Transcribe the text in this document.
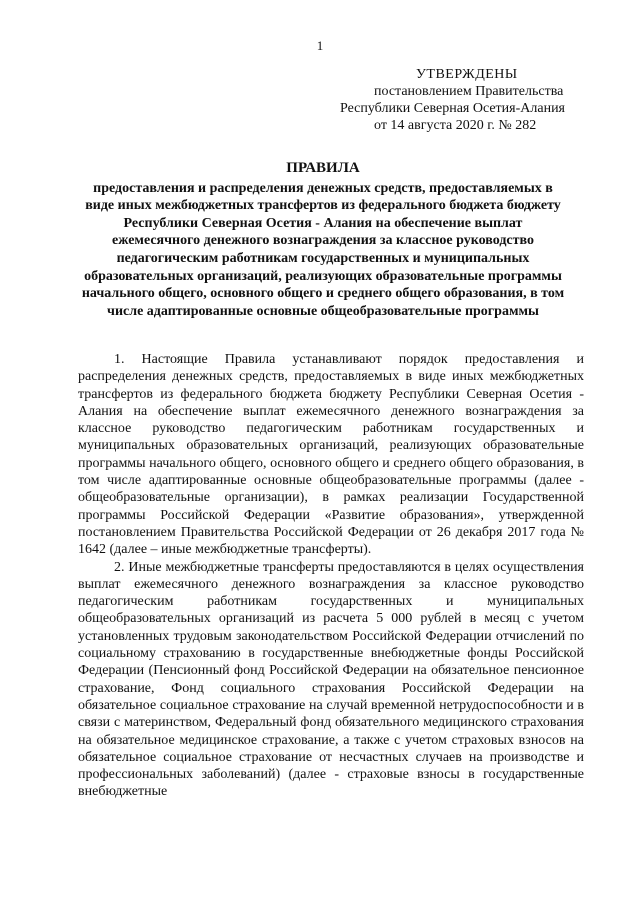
1
УТВЕРЖДЕНЫ
постановлением Правительства
Республики Северная Осетия-Алания
от 14 августа 2020 г. № 282
ПРАВИЛА
предоставления и распределения денежных средств, предоставляемых в виде иных межбюджетных трансфертов из федерального бюджета бюджету Республики Северная Осетия - Алания на обеспечение выплат ежемесячного денежного вознаграждения за классное руководство педагогическим работникам государственных и муниципальных образовательных организаций, реализующих образовательные программы начального общего, основного общего и среднего общего образования, в том числе адаптированные основные общеобразовательные программы

1. Настоящие Правила устанавливают порядок предоставления и распределения денежных средств, предоставляемых в виде иных межбюджетных трансфертов из федерального бюджета бюджету Республики Северная Осетия - Алания на обеспечение выплат ежемесячного денежного вознаграждения за классное руководство педагогическим работникам государственных и муниципальных образовательных организаций, реализующих образовательные программы начального общего, основного общего и среднего общего образования, в том числе адаптированные основные общеобразовательные программы (далее - общеобразовательные организации), в рамках реализации Государственной программы Российской Федерации «Развитие образования», утвержденной постановлением Правительства Российской Федерации от 26 декабря 2017 года № 1642 (далее – иные межбюджетные трансферты).

2. Иные межбюджетные трансферты предоставляются в целях осуществления выплат ежемесячного денежного вознаграждения за классное руководство педагогическим работникам государственных и муниципальных общеобразовательных организаций из расчета 5 000 рублей в месяц с учетом установленных трудовым законодательством Российской Федерации отчислений по социальному страхованию в государственные внебюджетные фонды Российской Федерации (Пенсионный фонд Российской Федерации на обязательное пенсионное страхование, Фонд социального страхования Российской Федерации на обязательное социальное страхование на случай временной нетрудоспособности и в связи с материнством, Федеральный фонд обязательного медицинского страхования на обязательное медицинское страхование, а также с учетом страховых взносов на обязательное социальное страхование от несчастных случаев на производстве и профессиональных заболеваний) (далее - страховые взносы в государственные внебюджетные
